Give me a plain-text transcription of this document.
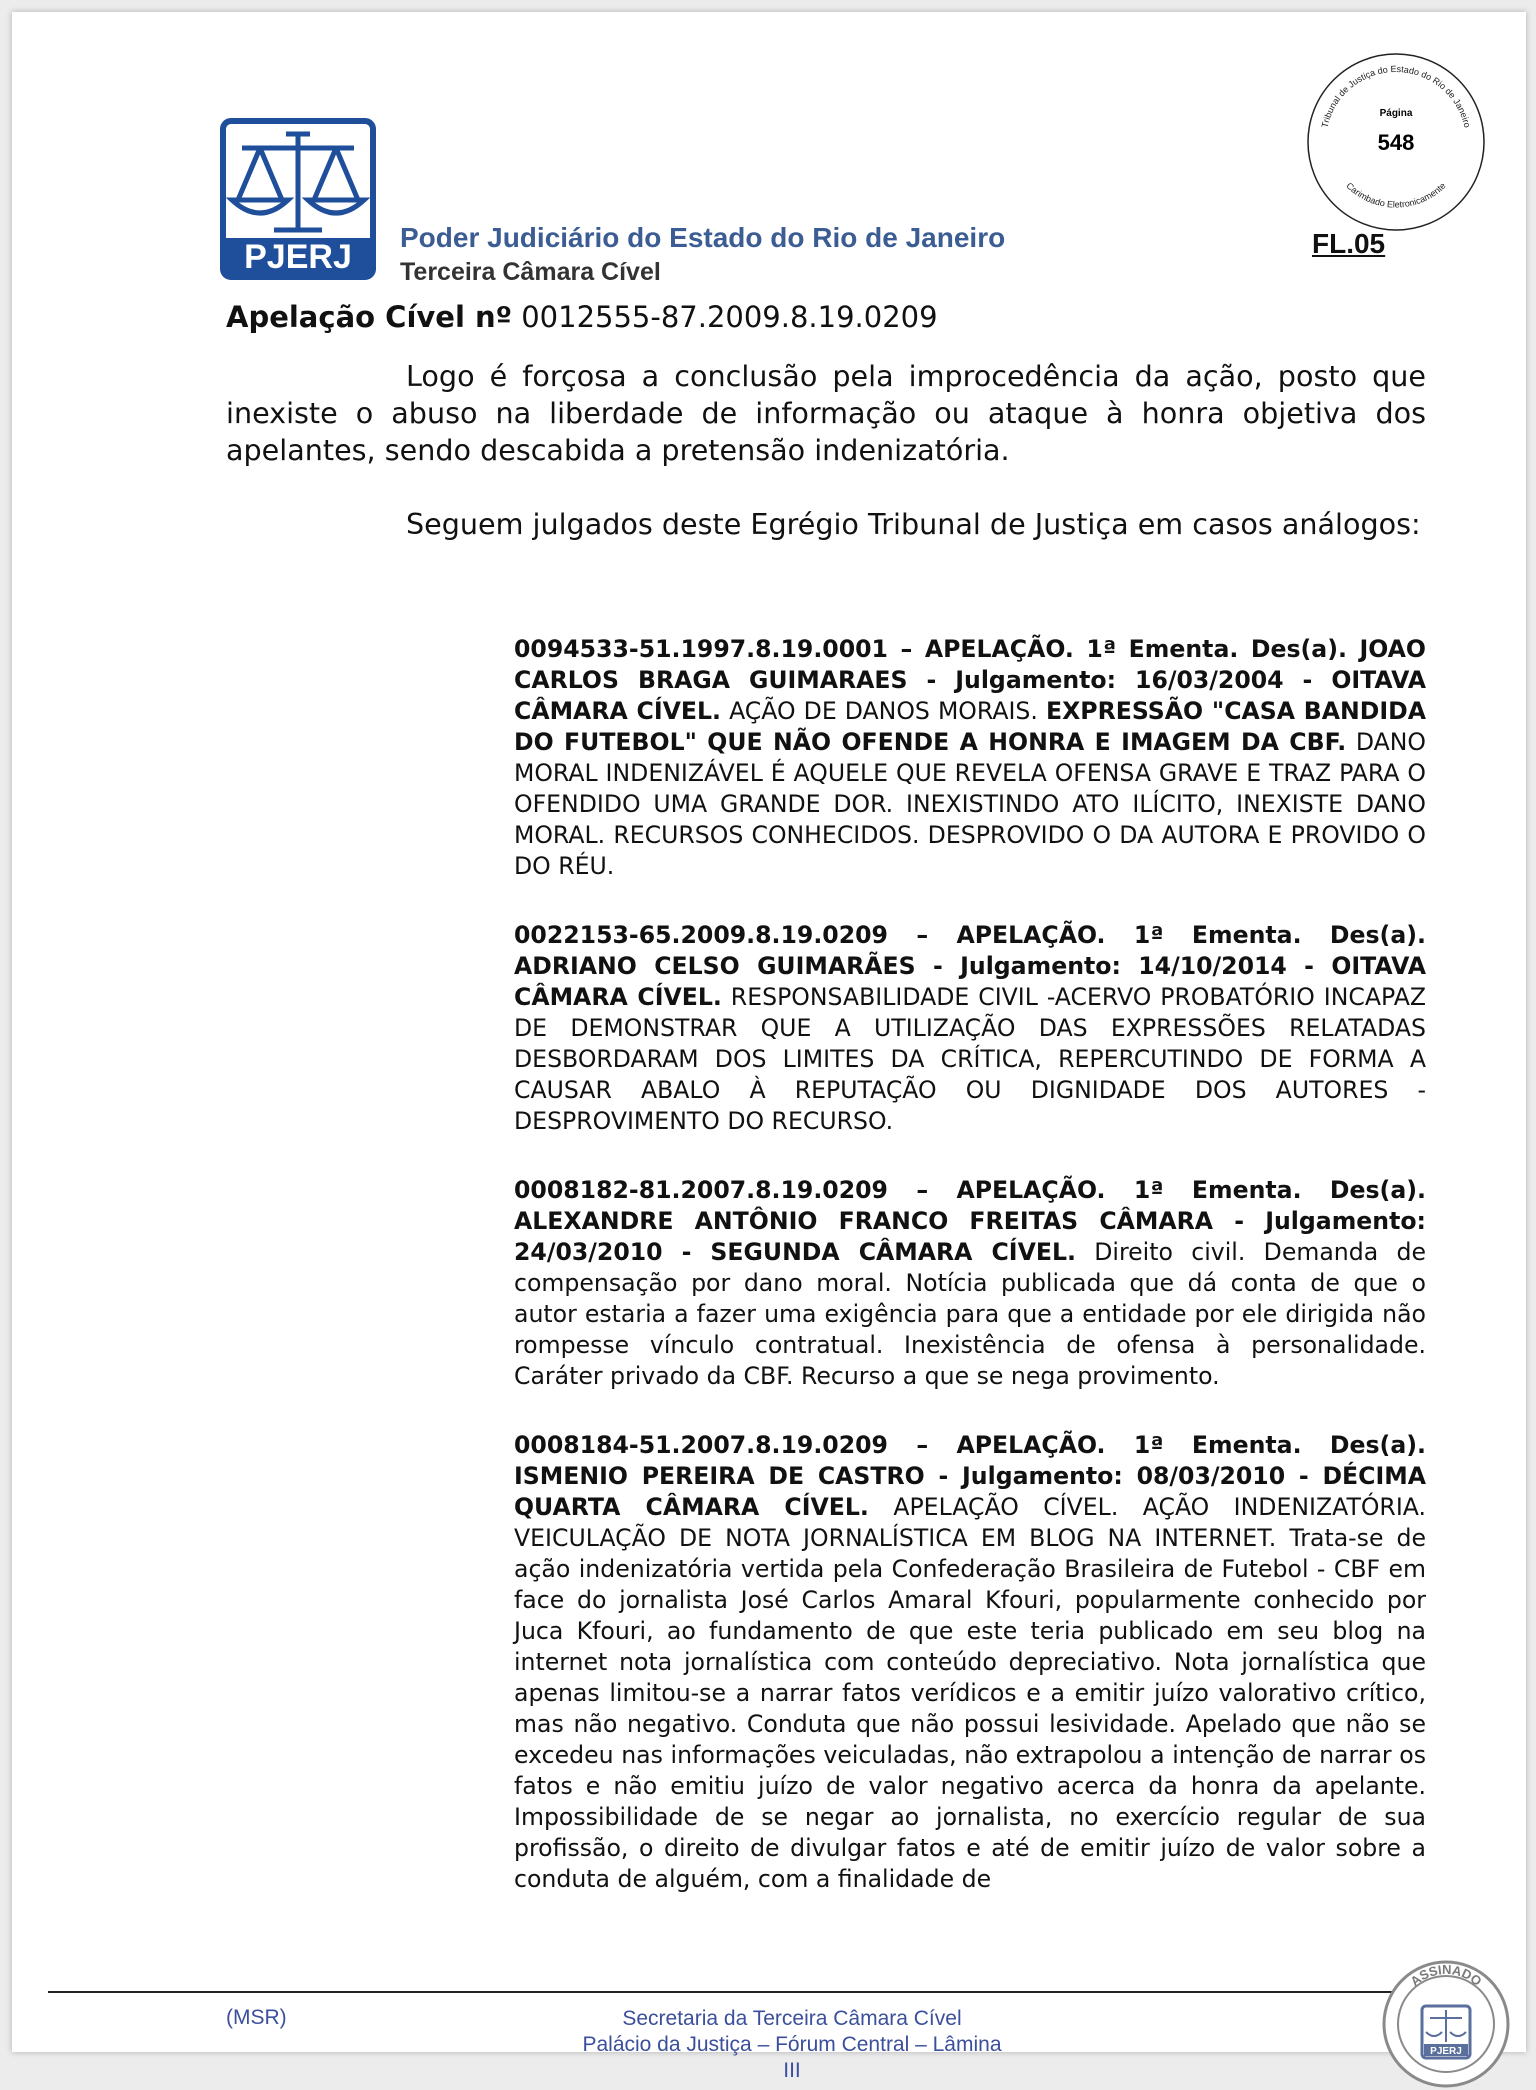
PJERJ
Poder Judiciário do Estado do Rio de Janeiro
Terceira Câmara Cível
Tribunal de Justiça do Estado do Rio de Janeiro
Carimbado Eletronicamente
Página
548
FL.05
Apelação Cível nº 0012555-87.2009.8.19.0209

Logo é forçosa a conclusão pela improcedência da ação, posto que inexiste o abuso na liberdade de informação ou ataque à honra objetiva dos apelantes, sendo descabida a pretensão indenizatória.

Seguem julgados deste Egrégio Tribunal de Justiça em casos análogos:

0094533-51.1997.8.19.0001 – APELAÇÃO. 1ª Ementa. Des(a). JOAO CARLOS BRAGA GUIMARAES - Julgamento: 16/03/2004 - OITAVA CÂMARA CÍVEL. AÇÃO DE DANOS MORAIS. EXPRESSÃO "CASA BANDIDA DO FUTEBOL" QUE NÃO OFENDE A HONRA E IMAGEM DA CBF. DANO MORAL INDENIZÁVEL É AQUELE QUE REVELA OFENSA GRAVE E TRAZ PARA O OFENDIDO UMA GRANDE DOR. INEXISTINDO ATO ILÍCITO, INEXISTE DANO MORAL. RECURSOS CONHECIDOS. DESPROVIDO O DA AUTORA E PROVIDO O DO RÉU.

0022153-65.2009.8.19.0209 – APELAÇÃO. 1ª Ementa. Des(a). ADRIANO CELSO GUIMARÃES - Julgamento: 14/10/2014 - OITAVA CÂMARA CÍVEL. RESPONSABILIDADE CIVIL -ACERVO PROBATÓRIO INCAPAZ DE DEMONSTRAR QUE A UTILIZAÇÃO DAS EXPRESSÕES RELATADAS DESBORDARAM DOS LIMITES DA CRÍTICA, REPERCUTINDO DE FORMA A CAUSAR ABALO À REPUTAÇÃO OU DIGNIDADE DOS AUTORES - DESPROVIMENTO DO RECURSO.

0008182-81.2007.8.19.0209 – APELAÇÃO. 1ª Ementa. Des(a). ALEXANDRE ANTÔNIO FRANCO FREITAS CÂMARA - Julgamento: 24/03/2010 - SEGUNDA CÂMARA CÍVEL. Direito civil. Demanda de compensação por dano moral. Notícia publicada que dá conta de que o autor estaria a fazer uma exigência para que a entidade por ele dirigida não rompesse vínculo contratual. Inexistência de ofensa à personalidade. Caráter privado da CBF. Recurso a que se nega provimento.

0008184-51.2007.8.19.0209 – APELAÇÃO. 1ª Ementa. Des(a). ISMENIO PEREIRA DE CASTRO - Julgamento: 08/03/2010 - DÉCIMA QUARTA CÂMARA CÍVEL. APELAÇÃO CÍVEL. AÇÃO INDENIZATÓRIA. VEICULAÇÃO DE NOTA JORNALÍSTICA EM BLOG NA INTERNET. Trata-se de ação indenizatória vertida pela Confederação Brasileira de Futebol - CBF em face do jornalista José Carlos Amaral Kfouri, popularmente conhecido por Juca Kfouri, ao fundamento de que este teria publicado em seu blog na internet nota jornalística com conteúdo depreciativo. Nota jornalística que apenas limitou-se a narrar fatos verídicos e a emitir juízo valorativo crítico, mas não negativo. Conduta que não possui lesividade. Apelado que não se excedeu nas informações veiculadas, não extrapolou a intenção de narrar os fatos e não emitiu juízo de valor negativo acerca da honra da apelante. Impossibilidade de se negar ao jornalista, no exercício regular de sua profissão, o direito de divulgar fatos e até de emitir juízo de valor sobre a conduta de alguém, com a finalidade de

(MSR)	Secretaria da Terceira Câmara Cível
Palácio da Justiça – Fórum Central – Lâmina III
ASSINADO
PJERJ
